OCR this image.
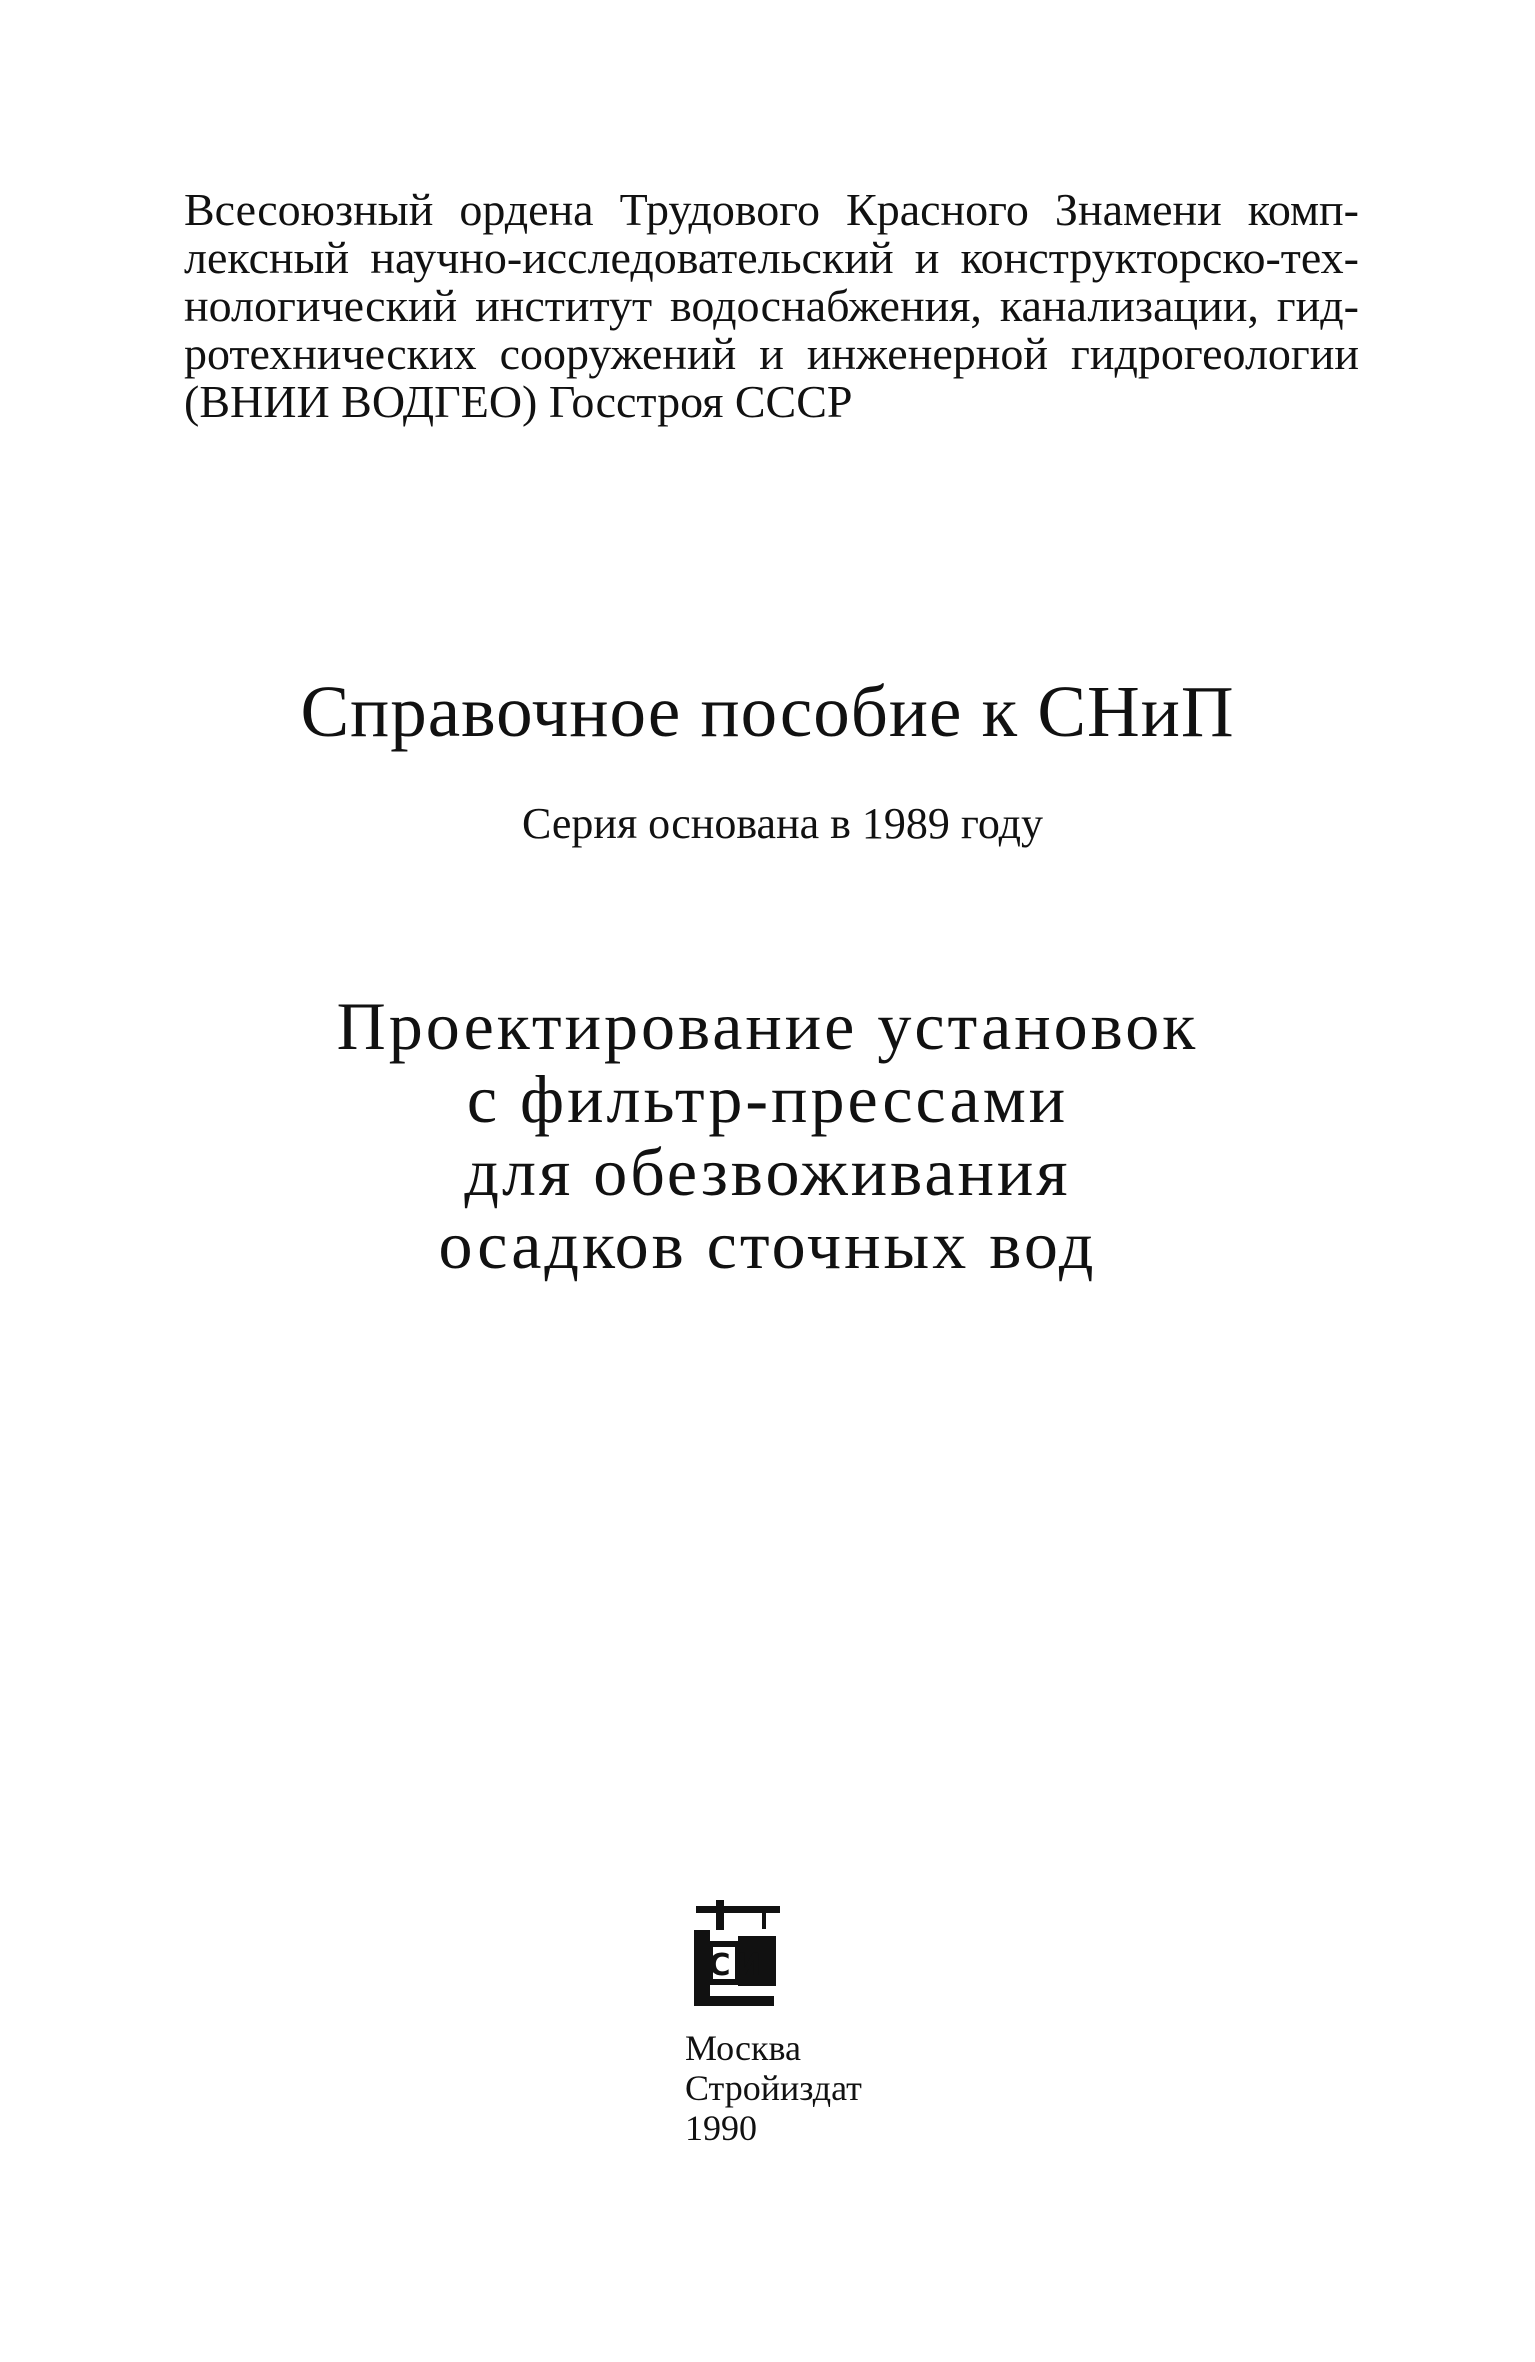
Всесоюзный ордена Трудового Красного Знамени комп-
лексный научно-исследовательский и конструкторско-тех-
нологический институт водоснабжения, канализации, гид-
ротехнических сооружений и инженерной гидрогеологии
(ВНИИ ВОДГЕО) Госстроя СССР
Справочное пособие к СНиП

Серия основана в 1989 году

Проектирование установок
с фильтр-прессами
для обезвоживания
осадков сточных вод
СИ
Москва
Стройиздат
1990
